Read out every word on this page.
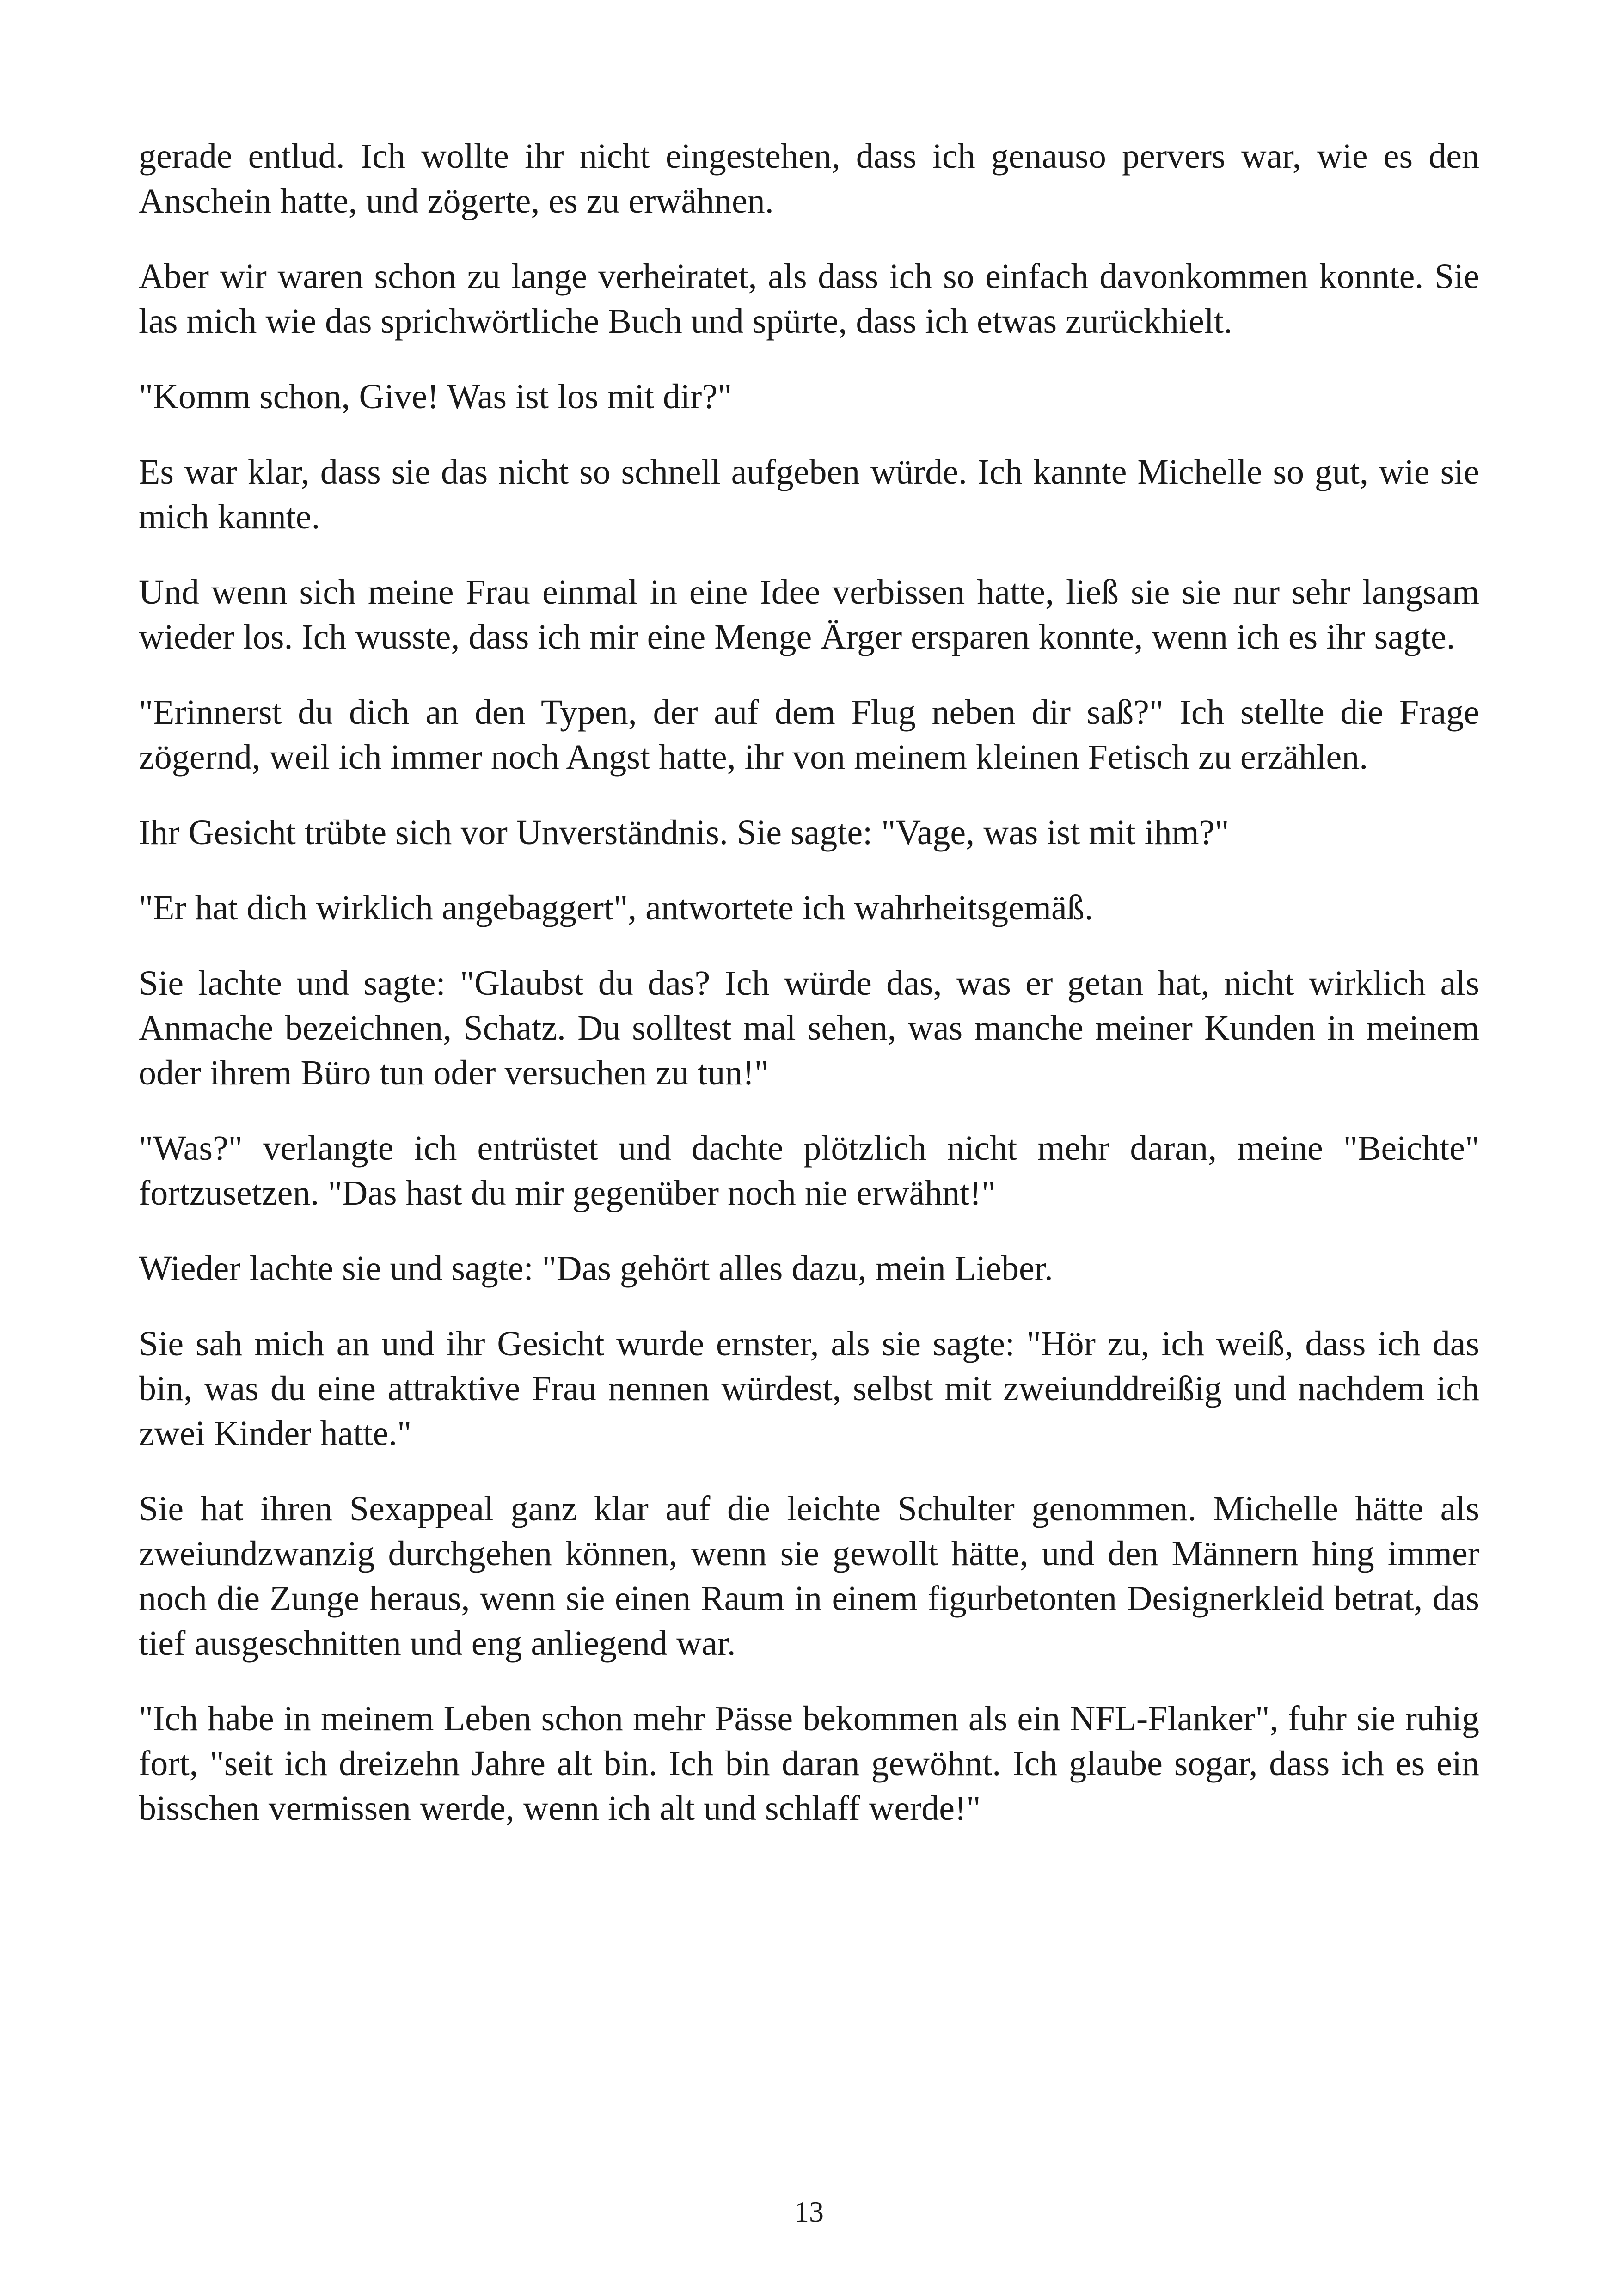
gerade entlud. Ich wollte ihr nicht eingestehen, dass ich genauso pervers war, wie es den Anschein hatte, und zögerte, es zu erwähnen.

Aber wir waren schon zu lange verheiratet, als dass ich so einfach davonkommen konnte. Sie las mich wie das sprichwörtliche Buch und spürte, dass ich etwas zurückhielt.

"Komm schon, Give! Was ist los mit dir?"

Es war klar, dass sie das nicht so schnell aufgeben würde. Ich kannte Michelle so gut, wie sie mich kannte.

Und wenn sich meine Frau einmal in eine Idee verbissen hatte, ließ sie sie nur sehr langsam wieder los. Ich wusste, dass ich mir eine Menge Ärger ersparen konnte, wenn ich es ihr sagte.

"Erinnerst du dich an den Typen, der auf dem Flug neben dir saß?" Ich stellte die Frage zögernd, weil ich immer noch Angst hatte, ihr von meinem kleinen Fetisch zu erzählen.

Ihr Gesicht trübte sich vor Unverständnis. Sie sagte: "Vage, was ist mit ihm?"

"Er hat dich wirklich angebaggert", antwortete ich wahrheitsgemäß.

Sie lachte und sagte: "Glaubst du das? Ich würde das, was er getan hat, nicht wirklich als Anmache bezeichnen, Schatz. Du solltest mal sehen, was manche meiner Kunden in meinem oder ihrem Büro tun oder versuchen zu tun!"

"Was?" verlangte ich entrüstet und dachte plötzlich nicht mehr daran, meine "Beichte" fortzusetzen. "Das hast du mir gegenüber noch nie erwähnt!"

Wieder lachte sie und sagte: "Das gehört alles dazu, mein Lieber.

Sie sah mich an und ihr Gesicht wurde ernster, als sie sagte: "Hör zu, ich weiß, dass ich das bin, was du eine attraktive Frau nennen würdest, selbst mit zweiunddreißig und nachdem ich zwei Kinder hatte."

Sie hat ihren Sexappeal ganz klar auf die leichte Schulter genommen. Michelle hätte als zweiundzwanzig durchgehen können, wenn sie gewollt hätte, und den Männern hing immer noch die Zunge heraus, wenn sie einen Raum in einem figurbetonten Designerkleid betrat, das tief ausgeschnitten und eng anliegend war.

"Ich habe in meinem Leben schon mehr Pässe bekommen als ein NFL-Flanker", fuhr sie ruhig fort, "seit ich dreizehn Jahre alt bin. Ich bin daran gewöhnt. Ich glaube sogar, dass ich es ein bisschen vermissen werde, wenn ich alt und schlaff werde!"

13
